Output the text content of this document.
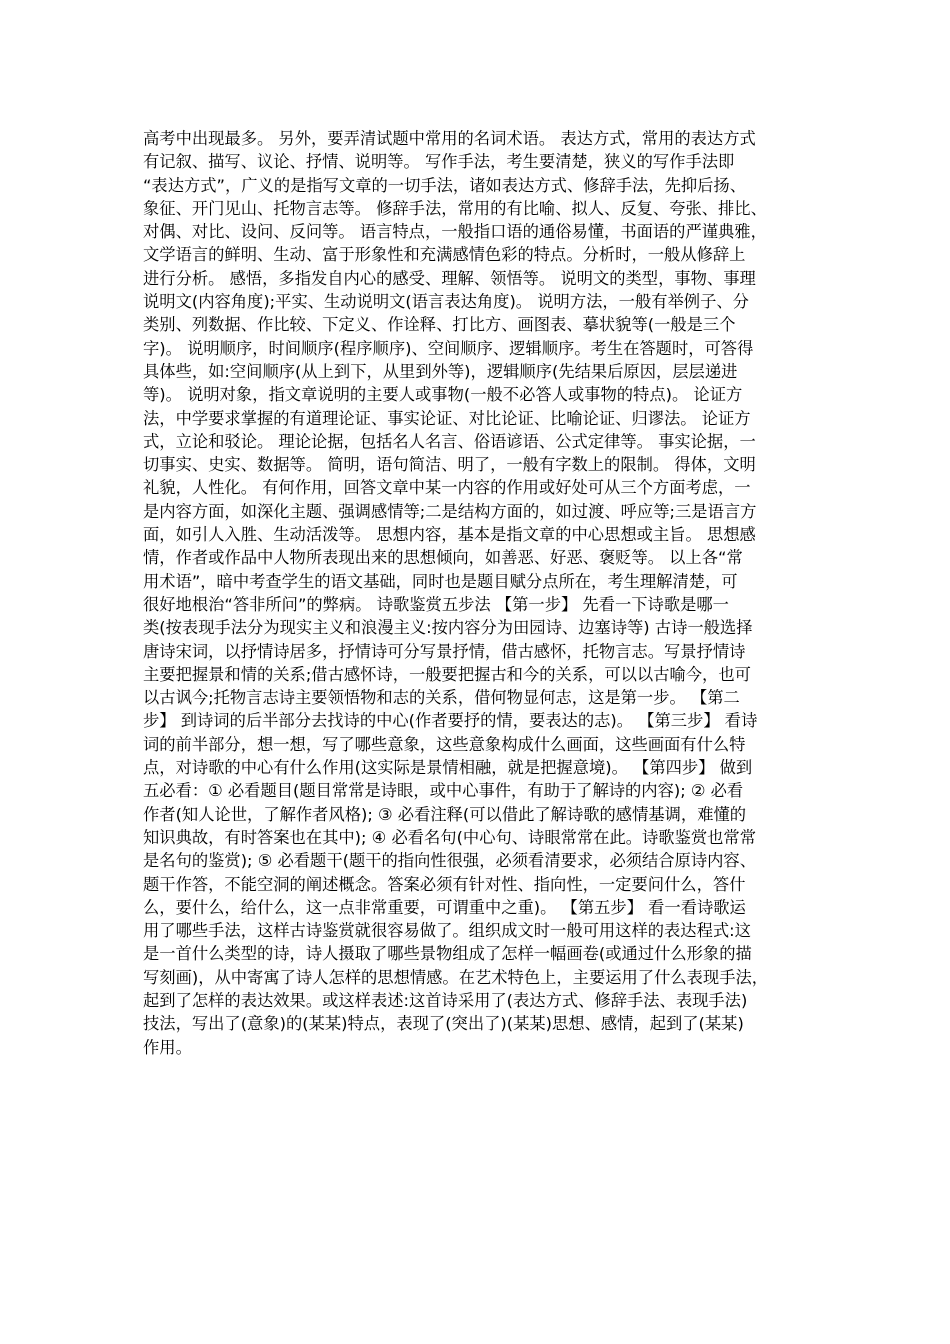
高考中出现最多。 另外，要弄清试题中常用的名词术语。 表达方式，常用的表达方式
有记叙、描写、议论、抒情、说明等。 写作手法，考生要清楚，狭义的写作手法即
“表达方式”，广义的是指写文章的一切手法，诸如表达方式、修辞手法，先抑后扬、
象征、开门见山、托物言志等。 修辞手法，常用的有比喻、拟人、反复、夸张、排比、
对偶、对比、设问、反问等。 语言特点，一般指口语的通俗易懂，书面语的严谨典雅，
文学语言的鲜明、生动、富于形象性和充满感情色彩的特点。分析时，一般从修辞上
进行分析。 感悟，多指发自内心的感受、理解、领悟等。 说明文的类型，事物、事理
说明文(内容角度);平实、生动说明文(语言表达角度)。 说明方法，一般有举例子、分
类别、列数据、作比较、下定义、作诠释、打比方、画图表、摹状貌等(一般是三个
字)。 说明顺序，时间顺序(程序顺序)、空间顺序、逻辑顺序。考生在答题时，可答得
具体些，如:空间顺序(从上到下，从里到外等)，逻辑顺序(先结果后原因，层层递进
等)。 说明对象，指文章说明的主要人或事物(一般不必答人或事物的特点)。 论证方
法，中学要求掌握的有道理论证、事实论证、对比论证、比喻论证、归谬法。 论证方
式，立论和驳论。 理论论据，包括名人名言、俗语谚语、公式定律等。 事实论据，一
切事实、史实、数据等。 简明，语句简洁、明了，一般有字数上的限制。 得体，文明
礼貌，人性化。 有何作用，回答文章中某一内容的作用或好处可从三个方面考虑，一
是内容方面，如深化主题、强调感情等;二是结构方面的，如过渡、呼应等;三是语言方
面，如引人入胜、生动活泼等。 思想内容，基本是指文章的中心思想或主旨。 思想感
情，作者或作品中人物所表现出来的思想倾向，如善恶、好恶、褒贬等。 以上各“常
用术语”，暗中考查学生的语文基础，同时也是题目赋分点所在，考生理解清楚，可
很好地根治“答非所问”的弊病。 诗歌鉴赏五步法 【第一步】 先看一下诗歌是哪一
类(按表现手法分为现实主义和浪漫主义:按内容分为田园诗、边塞诗等) 古诗一般选择
唐诗宋词，以抒情诗居多，抒情诗可分写景抒情，借古感怀，托物言志。写景抒情诗
主要把握景和情的关系;借古感怀诗，一般要把握古和今的关系，可以以古喻今，也可
以古讽今;托物言志诗主要领悟物和志的关系，借何物显何志，这是第一步。 【第二
步】 到诗词的后半部分去找诗的中心(作者要抒的情，要表达的志)。 【第三步】 看诗
词的前半部分，想一想，写了哪些意象，这些意象构成什么画面，这些画面有什么特
点，对诗歌的中心有什么作用(这实际是景情相融，就是把握意境)。 【第四步】 做到
五必看：① 必看题目(题目常常是诗眼，或中心事件，有助于了解诗的内容); ② 必看
作者(知人论世，了解作者风格); ③ 必看注释(可以借此了解诗歌的感情基调，难懂的
知识典故，有时答案也在其中); ④ 必看名句(中心句、诗眼常常在此。诗歌鉴赏也常常
是名句的鉴赏); ⑤ 必看题干(题干的指向性很强，必须看清要求，必须结合原诗内容、
题干作答，不能空洞的阐述概念。答案必须有针对性、指向性，一定要问什么，答什
么，要什么，给什么，这一点非常重要，可谓重中之重)。 【第五步】 看一看诗歌运
用了哪些手法，这样古诗鉴赏就很容易做了。组织成文时一般可用这样的表达程式:这
是一首什么类型的诗，诗人摄取了哪些景物组成了怎样一幅画卷(或通过什么形象的描
写刻画)，从中寄寓了诗人怎样的思想情感。在艺术特色上，主要运用了什么表现手法，
起到了怎样的表达效果。或这样表述:这首诗采用了(表达方式、修辞手法、表现手法)
技法，写出了(意象)的(某某)特点，表现了(突出了)(某某)思想、感情，起到了(某某)
作用。
